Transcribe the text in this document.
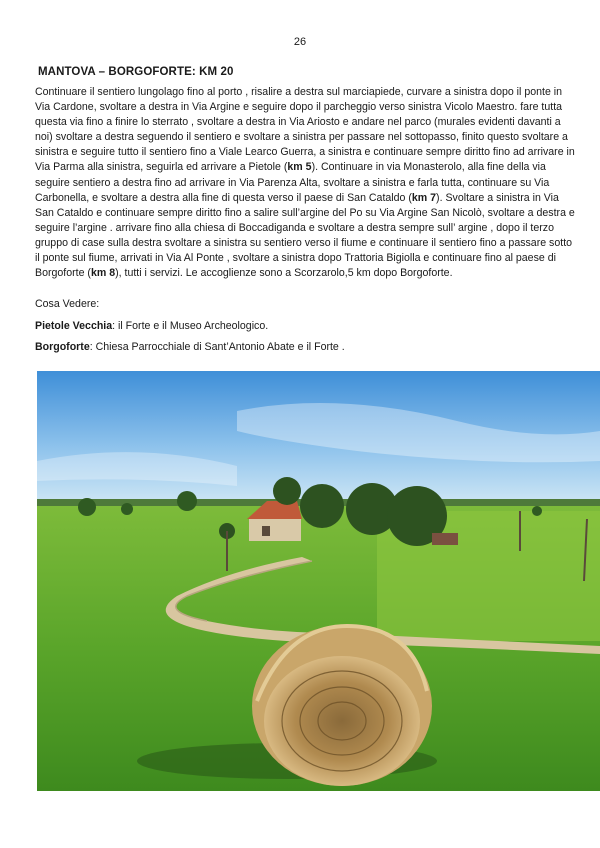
26
MANTOVA – BORGOFORTE: KM 20

Continuare il sentiero lungolago fino al porto , risalire a destra sul marciapiede, curvare a sinistra dopo il ponte in Via Cardone, svoltare a destra in Via Argine e seguire dopo il parcheggio verso sinistra Vicolo Maestro. fare tutta questa via fino a finire lo sterrato , svoltare a destra in Via Ariosto e andare nel parco (murales evidenti davanti a noi) svoltare a destra seguendo il sentiero e svoltare a sinistra per passare nel sottopasso, finito questo svoltare a sinistra e seguire tutto il sentiero fino a Viale Learco Guerra, a sinistra e continuare sempre diritto fino ad arrivare in Via Parma alla sinistra, seguirla ed arrivare a Pietole (km 5). Continuare in via Monasterolo, alla fine della via seguire sentiero a destra fino ad arrivare in Via Parenza Alta, svoltare a sinistra e farla tutta, continuare su Via Carbonella, e svoltare a destra alla fine di questa verso il paese di San Cataldo (km 7). Svoltare a sinistra in Via San Cataldo e continuare sempre diritto fino a salire sull’argine del Po su Via Argine San Nicolò, svoltare a destra e seguire l’argine . arrivare fino alla chiesa di Boccadiganda e svoltare a destra sempre sull’ argine , dopo il terzo gruppo di case sulla destra svoltare a sinistra su sentiero verso il fiume e continuare il sentiero fino a passare sotto il ponte sul fiume, arrivati in Via Al Ponte , svoltare a sinistra dopo Trattoria Bigiolla e continuare fino al paese di Borgoforte (km 8), tutti i servizi. Le accoglienze sono a Scorzarolo,5 km dopo Borgoforte.

Cosa Vedere:

Pietole Vecchia: il Forte e il Museo Archeologico.

Borgoforte: Chiesa Parrocchiale di Sant’Antonio Abate e il Forte .
